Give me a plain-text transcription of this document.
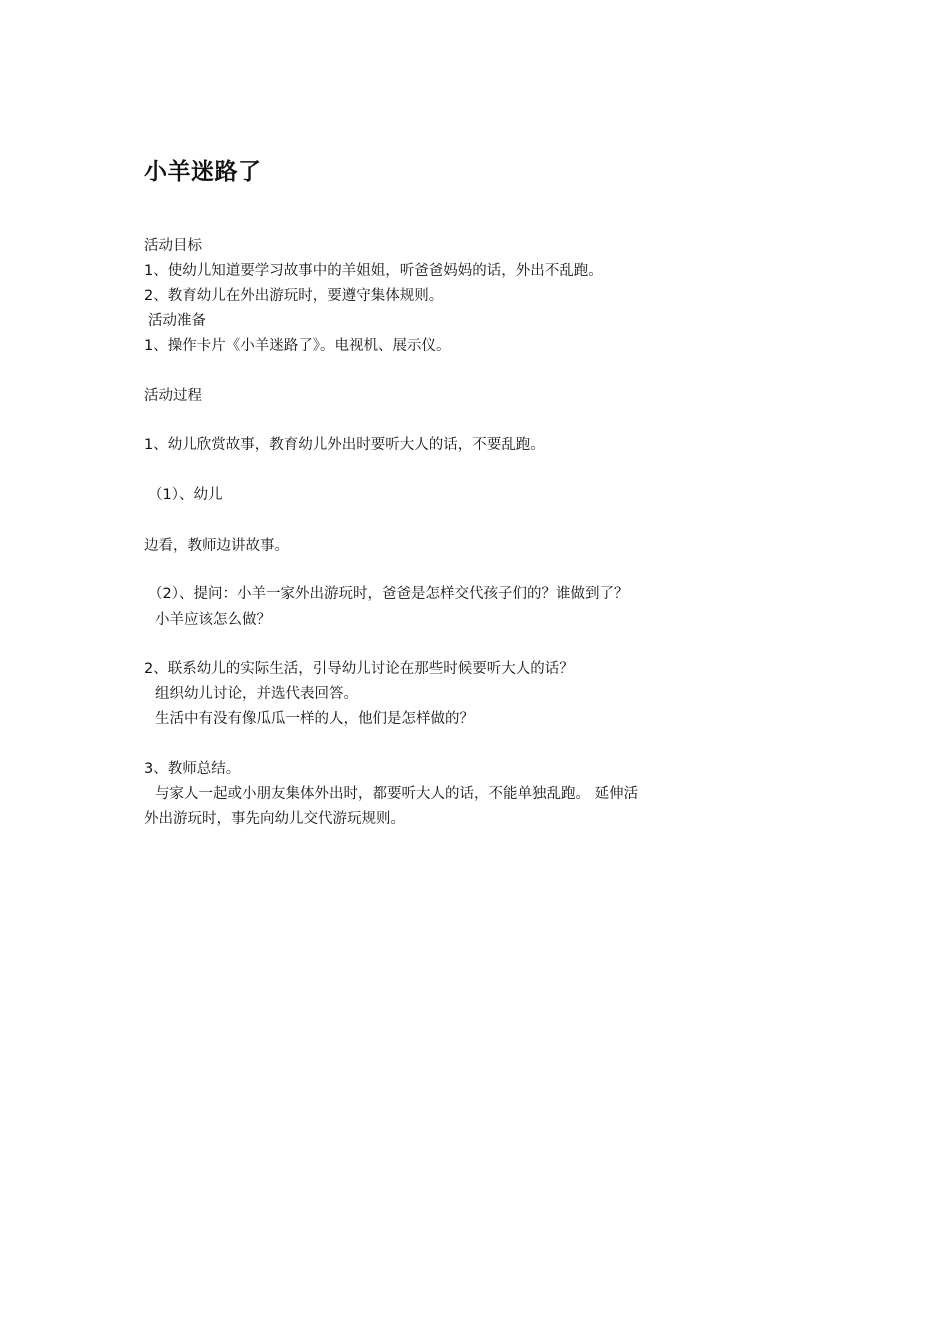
小羊迷路了
活动目标
1、使幼儿知道要学习故事中的羊姐姐，听爸爸妈妈的话，外出不乱跑。
2、教育幼儿在外出游玩时，要遵守集体规则。
活动准备
1、操作卡片《小羊迷路了》。电视机、展示仪。
活动过程
1、幼儿欣赏故事，教育幼儿外出时要听大人的话，不要乱跑。
（1）、幼儿
边看，教师边讲故事。
（2）、提问：小羊一家外出游玩时，爸爸是怎样交代孩子们的？谁做到了？
小羊应该怎么做？
2、联系幼儿的实际生活，引导幼儿讨论在那些时候要听大人的话？
组织幼儿讨论，并选代表回答。
生活中有没有像瓜瓜一样的人，他们是怎样做的？
3、教师总结。
与家人一起或小朋友集体外出时，都要听大人的话，不能单独乱跑。 延伸活
外出游玩时，事先向幼儿交代游玩规则。
